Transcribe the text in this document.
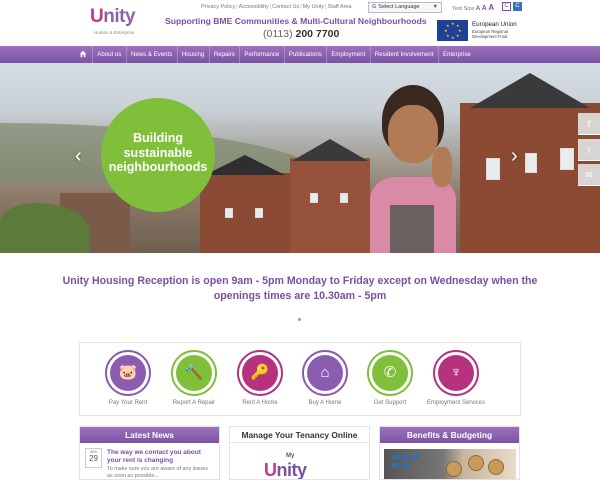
Unity
Homes & Enterprise
Privacy Policy|Accessibility|Contact Us|My Unity|Staff Area
Supporting BME Communities & Multi-Cultural Neighbourhoods
(0113) 200 7700
G Select Language ▼	Text Size A A A	C	C
★ ★
★
★
★
★
★
★	European Union
European Regional Development Fund
About us	News & Events	Housing	Repairs	Performance	Publications	Employment	Resident Involvement	Enterprise
Building sustainable neighbourhoods
‹	›
f
t
✉
Unity Housing Reception is open 9am - 5pm Monday to Friday except on Wednesday when the openings times are 10.30am - 5pm
🐷
Pay Your Rent
🔨
Report A Repair
🔑
Rent A Home
⌂
Buy A Home
✆
Get Support
♆
Employment Services
Latest News
Jan
29
The way we contact you about your rent is changing
To make sure you are aware of any issues as soon as possible...
Manage Your Tenancy Online
My
Unity
Benefits & Budgeting
